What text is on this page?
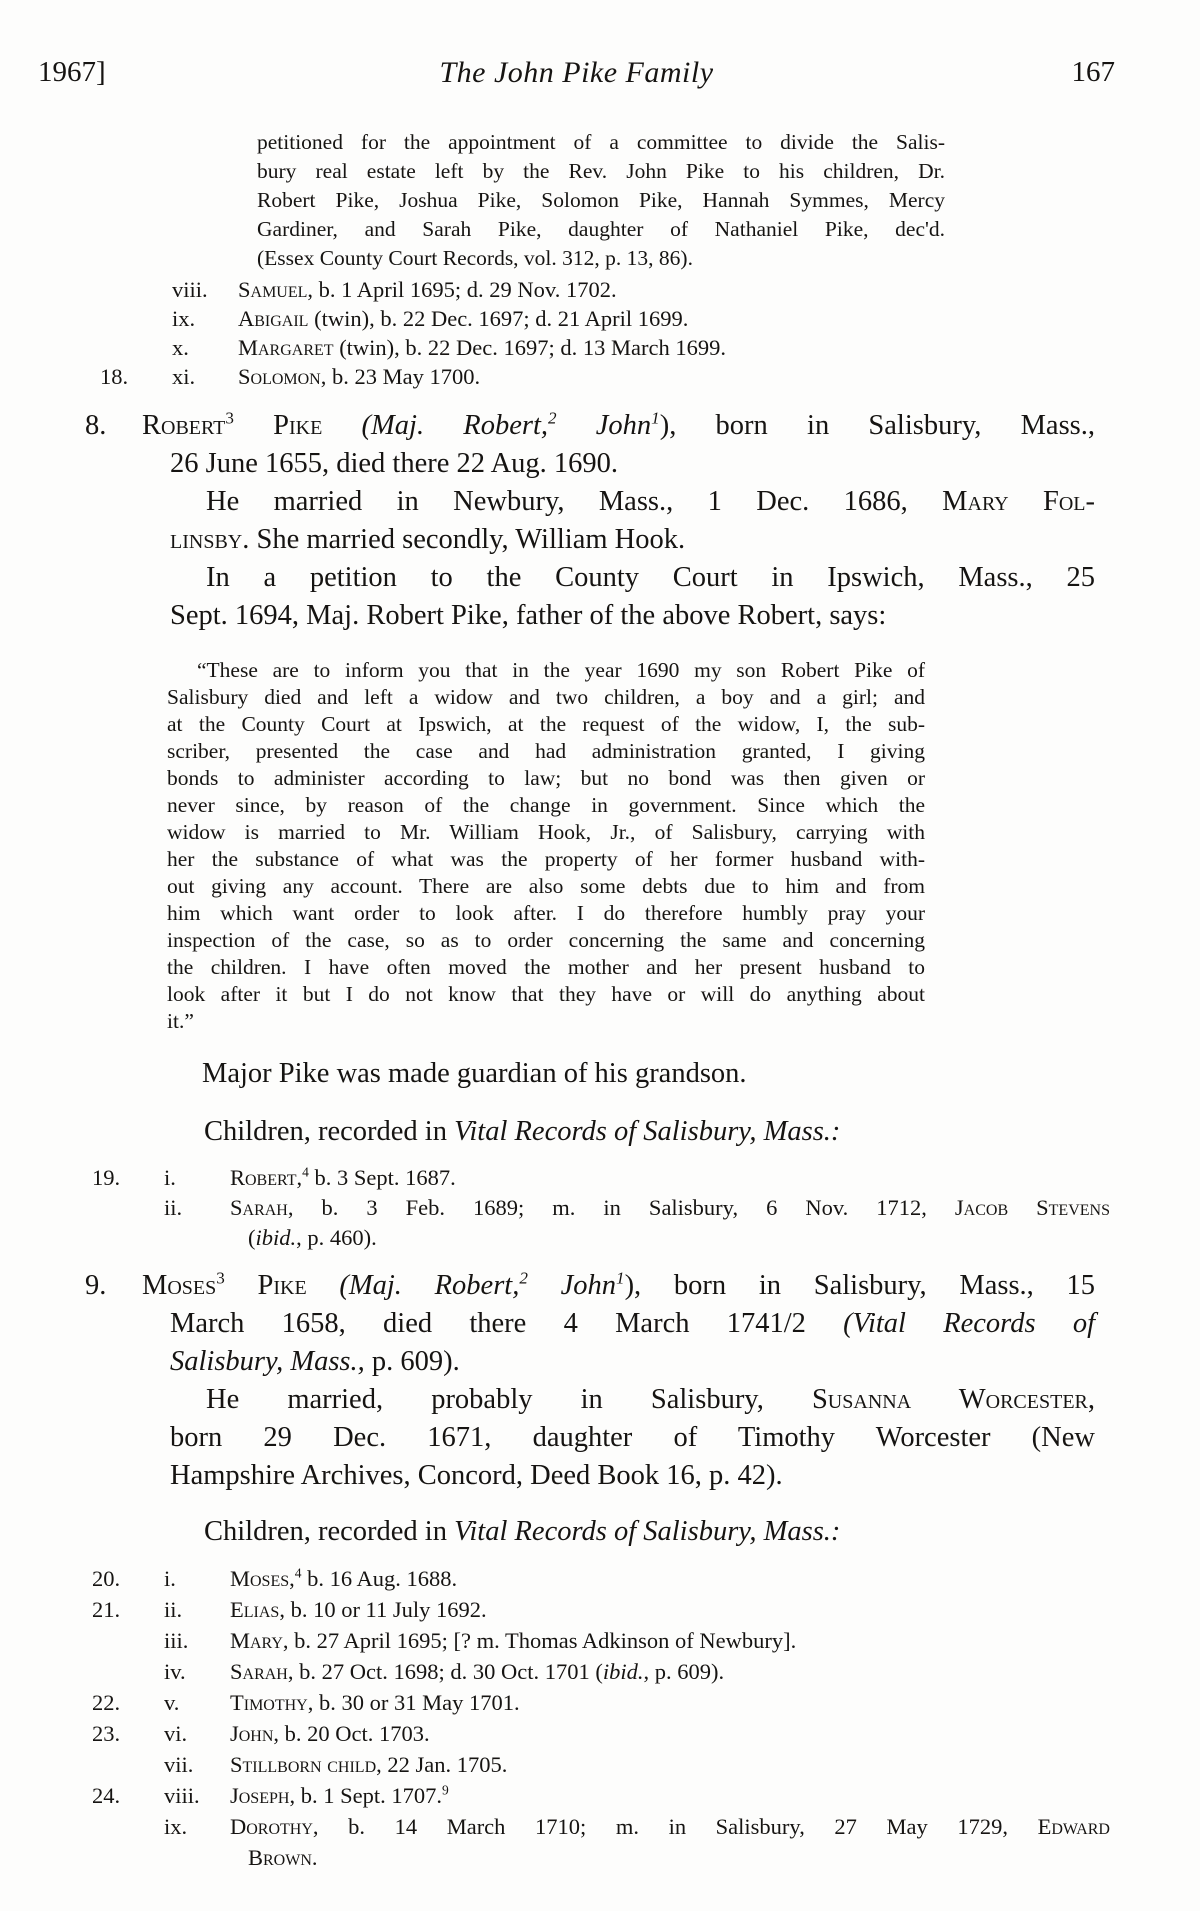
1967]	The John Pike Family	167
petitioned for the appointment of a committee to divide the Salis-
bury real estate left by the Rev. John Pike to his children, Dr.
Robert Pike, Joshua Pike, Solomon Pike, Hannah Symmes, Mercy
Gardiner, and Sarah Pike, daughter of Nathaniel Pike, dec'd.
(Essex County Court Records, vol. 312, p. 13, 86).
viii.	Samuel, b. 1 April 1695; d. 29 Nov. 1702.
ix.	Abigail (twin), b. 22 Dec. 1697; d. 21 April 1699.
x.	Margaret (twin), b. 22 Dec. 1697; d. 13 March 1699.
18.	xi.	Solomon, b. 23 May 1700.
8. Robert$^3$ Pike (Maj. Robert,$^2$ John$^1$), born in Salisbury, Mass.,
26 June 1655, died there 22 Aug. 1690.
He married in Newbury, Mass., 1 Dec. 1686, Mary Fol-
linsby. She married secondly, William Hook.
In a petition to the County Court in Ipswich, Mass., 25
Sept. 1694, Maj. Robert Pike, father of the above Robert, says:
“These are to inform you that in the year 1690 my son Robert Pike of
Salisbury died and left a widow and two children, a boy and a girl; and
at the County Court at Ipswich, at the request of the widow, I, the sub-
scriber, presented the case and had administration granted, I giving
bonds to administer according to law; but no bond was then given or
never since, by reason of the change in government. Since which the
widow is married to Mr. William Hook, Jr., of Salisbury, carrying with
her the substance of what was the property of her former husband with-
out giving any account. There are also some debts due to him and from
him which want order to look after. I do therefore humbly pray your
inspection of the case, so as to order concerning the same and concerning
the children. I have often moved the mother and her present husband to
look after it but I do not know that they have or will do anything about
it.”
Major Pike was made guardian of his grandson.
Children, recorded in Vital Records of Salisbury, Mass.:
19.	i.	Robert,$^4$ b. 3 Sept. 1687.
ii.	Sarah, b. 3 Feb. 1689; m. in Salisbury, 6 Nov. 1712, Jacob Stevens
(ibid., p. 460).
9. Moses$^3$ Pike (Maj. Robert,$^2$ John$^1$), born in Salisbury, Mass., 15
March 1658, died there 4 March 1741/2 (Vital Records of
Salisbury, Mass., p. 609).
He married, probably in Salisbury, Susanna Worcester,
born 29 Dec. 1671, daughter of Timothy Worcester (New
Hampshire Archives, Concord, Deed Book 16, p. 42).
Children, recorded in Vital Records of Salisbury, Mass.:
20.	i.	Moses,$^4$ b. 16 Aug. 1688.
21.	ii.	Elias, b. 10 or 11 July 1692.
iii.	Mary, b. 27 April 1695; [? m. Thomas Adkinson of Newbury].
iv.	Sarah, b. 27 Oct. 1698; d. 30 Oct. 1701 (ibid., p. 609).
22.	v.	Timothy, b. 30 or 31 May 1701.
23.	vi.	John, b. 20 Oct. 1703.
vii.	Stillborn child, 22 Jan. 1705.
24.	viii.	Joseph, b. 1 Sept. 1707.$^9$
ix.	Dorothy, b. 14 March 1710; m. in Salisbury, 27 May 1729, Edward
Brown.
